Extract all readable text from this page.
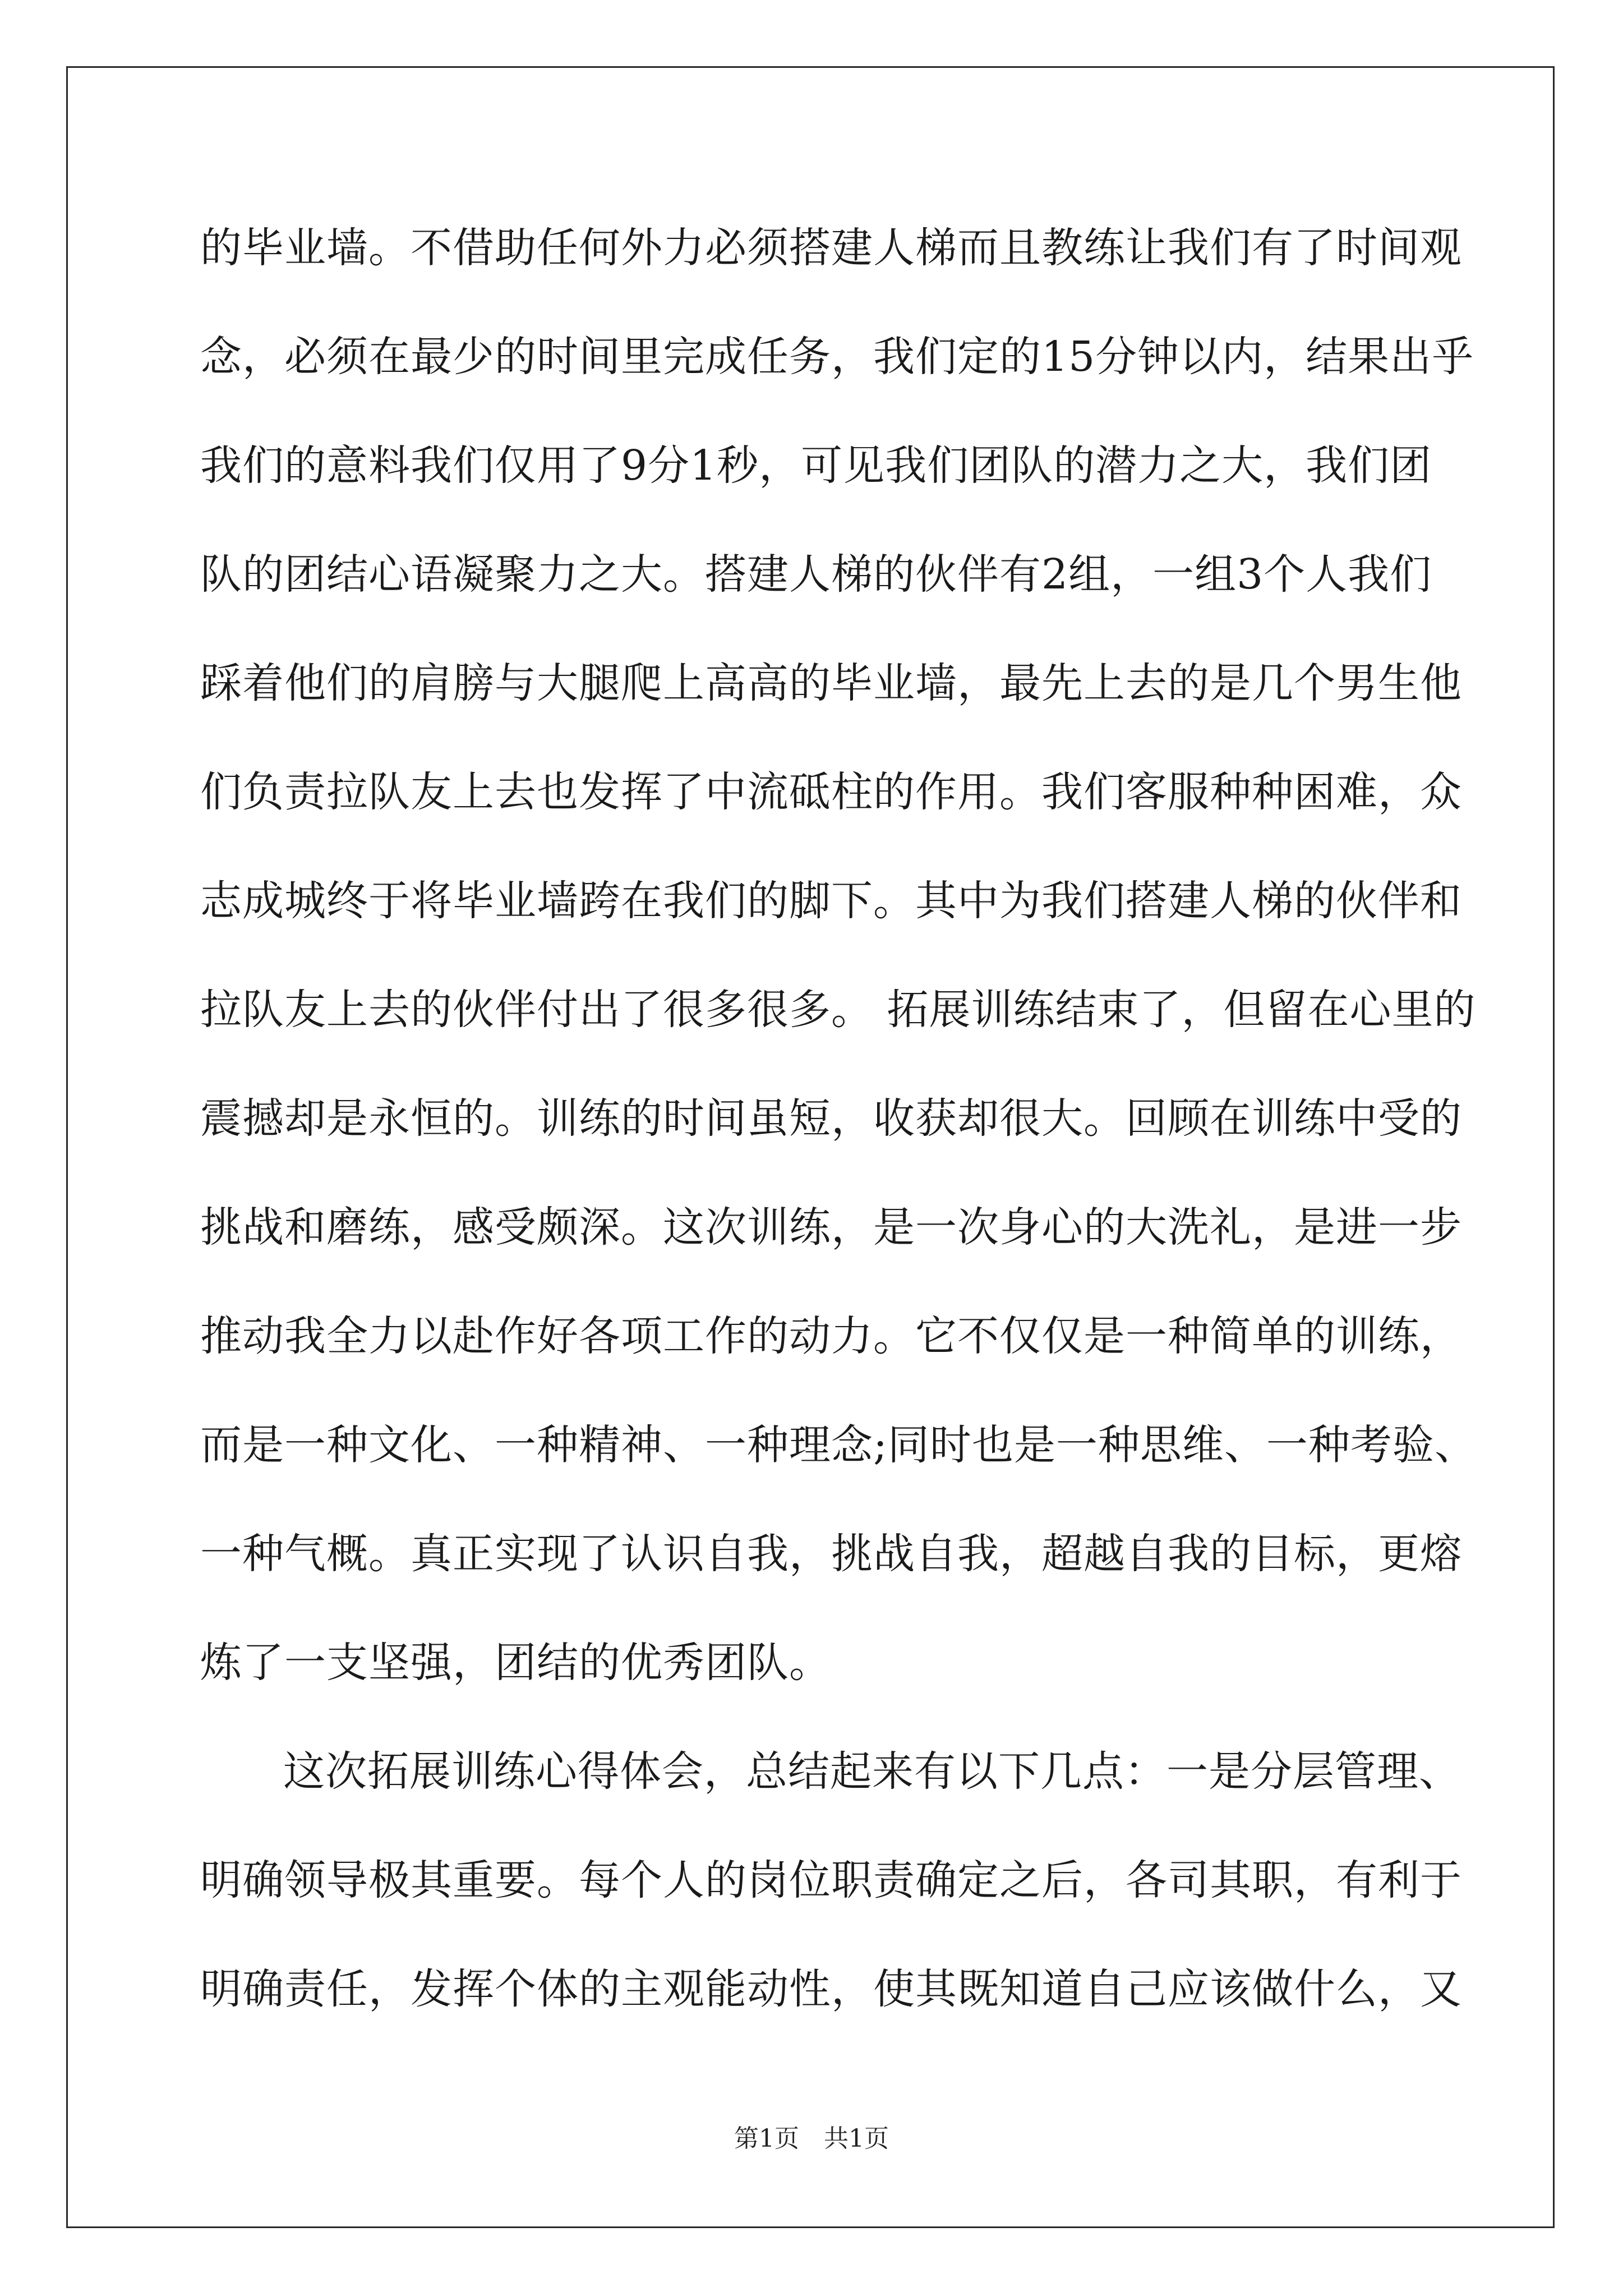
的毕业墙。不借助任何外力必须搭建人梯而且教练让我们有了时间观
念，必须在最少的时间里完成任务，我们定的15分钟以内，结果出乎
我们的意料我们仅用了9分1秒，可见我们团队的潜力之大，我们团
队的团结心语凝聚力之大。搭建人梯的伙伴有2组，一组3个人我们
踩着他们的肩膀与大腿爬上高高的毕业墙，最先上去的是几个男生他
们负责拉队友上去也发挥了中流砥柱的作用。我们客服种种困难，众
志成城终于将毕业墙跨在我们的脚下。其中为我们搭建人梯的伙伴和
拉队友上去的伙伴付出了很多很多。 拓展训练结束了，但留在心里的
震撼却是永恒的。训练的时间虽短，收获却很大。回顾在训练中受的
挑战和磨练，感受颇深。这次训练，是一次身心的大洗礼，是进一步
推动我全力以赴作好各项工作的动力。它不仅仅是一种简单的训练，
而是一种文化、一种精神、一种理念;同时也是一种思维、一种考验、
一种气概。真正实现了认识自我，挑战自我，超越自我的目标，更熔
炼了一支坚强，团结的优秀团队。
这次拓展训练心得体会，总结起来有以下几点：一是分层管理、
明确领导极其重要。每个人的岗位职责确定之后，各司其职，有利于
明确责任，发挥个体的主观能动性，使其既知道自己应该做什么，又
第1页 共1页
